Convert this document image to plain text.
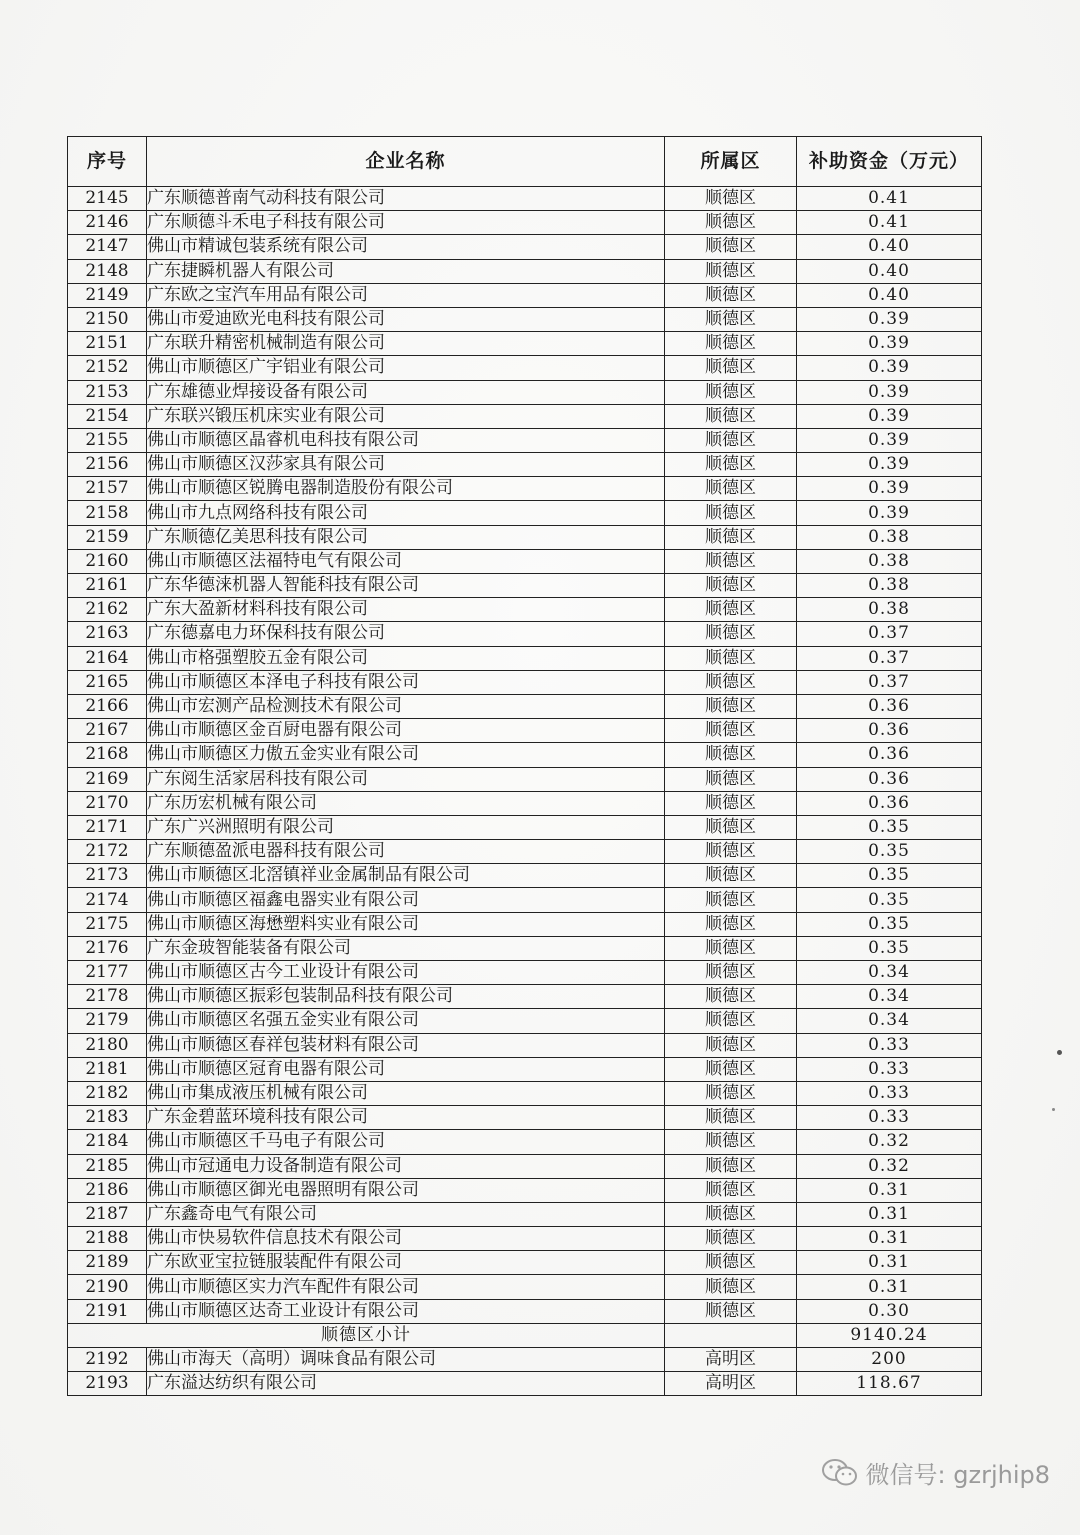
序号	企业名称	所属区	补助资金（万元）
2145	广东顺德普南气动科技有限公司	顺德区	0.41
2146	广东顺德斗禾电子科技有限公司	顺德区	0.41
2147	佛山市精诚包装系统有限公司	顺德区	0.40
2148	广东捷瞬机器人有限公司	顺德区	0.40
2149	广东欧之宝汽车用品有限公司	顺德区	0.40
2150	佛山市爱迪欧光电科技有限公司	顺德区	0.39
2151	广东联升精密机械制造有限公司	顺德区	0.39
2152	佛山市顺德区广宇铝业有限公司	顺德区	0.39
2153	广东雄德业焊接设备有限公司	顺德区	0.39
2154	广东联兴锻压机床实业有限公司	顺德区	0.39
2155	佛山市顺德区晶睿机电科技有限公司	顺德区	0.39
2156	佛山市顺德区汉莎家具有限公司	顺德区	0.39
2157	佛山市顺德区锐腾电器制造股份有限公司	顺德区	0.39
2158	佛山市九点网络科技有限公司	顺德区	0.39
2159	广东顺德亿美思科技有限公司	顺德区	0.38
2160	佛山市顺德区法福特电气有限公司	顺德区	0.38
2161	广东华德涞机器人智能科技有限公司	顺德区	0.38
2162	广东大盈新材料科技有限公司	顺德区	0.38
2163	广东德嘉电力环保科技有限公司	顺德区	0.37
2164	佛山市格强塑胶五金有限公司	顺德区	0.37
2165	佛山市顺德区本泽电子科技有限公司	顺德区	0.37
2166	佛山市宏测产品检测技术有限公司	顺德区	0.36
2167	佛山市顺德区金百厨电器有限公司	顺德区	0.36
2168	佛山市顺德区力傲五金实业有限公司	顺德区	0.36
2169	广东阅生活家居科技有限公司	顺德区	0.36
2170	广东历宏机械有限公司	顺德区	0.36
2171	广东广兴洲照明有限公司	顺德区	0.35
2172	广东顺德盈派电器科技有限公司	顺德区	0.35
2173	佛山市顺德区北滘镇祥业金属制品有限公司	顺德区	0.35
2174	佛山市顺德区福鑫电器实业有限公司	顺德区	0.35
2175	佛山市顺德区海懋塑料实业有限公司	顺德区	0.35
2176	广东金玻智能装备有限公司	顺德区	0.35
2177	佛山市顺德区古今工业设计有限公司	顺德区	0.34
2178	佛山市顺德区振彩包装制品科技有限公司	顺德区	0.34
2179	佛山市顺德区名强五金实业有限公司	顺德区	0.34
2180	佛山市顺德区春祥包装材料有限公司	顺德区	0.33
2181	佛山市顺德区冠育电器有限公司	顺德区	0.33
2182	佛山市集成液压机械有限公司	顺德区	0.33
2183	广东金碧蓝环境科技有限公司	顺德区	0.33
2184	佛山市顺德区千马电子有限公司	顺德区	0.32
2185	佛山市冠通电力设备制造有限公司	顺德区	0.32
2186	佛山市顺德区御光电器照明有限公司	顺德区	0.31
2187	广东鑫奇电气有限公司	顺德区	0.31
2188	佛山市快易软件信息技术有限公司	顺德区	0.31
2189	广东欧亚宝拉链服装配件有限公司	顺德区	0.31
2190	佛山市顺德区实力汽车配件有限公司	顺德区	0.31
2191	佛山市顺德区达奇工业设计有限公司	顺德区	0.30
顺德区小计			9140.24
2192	佛山市海天（高明）调味食品有限公司	高明区	200
2193	广东溢达纺织有限公司	高明区	118.67
微信号: gzrjhip8
